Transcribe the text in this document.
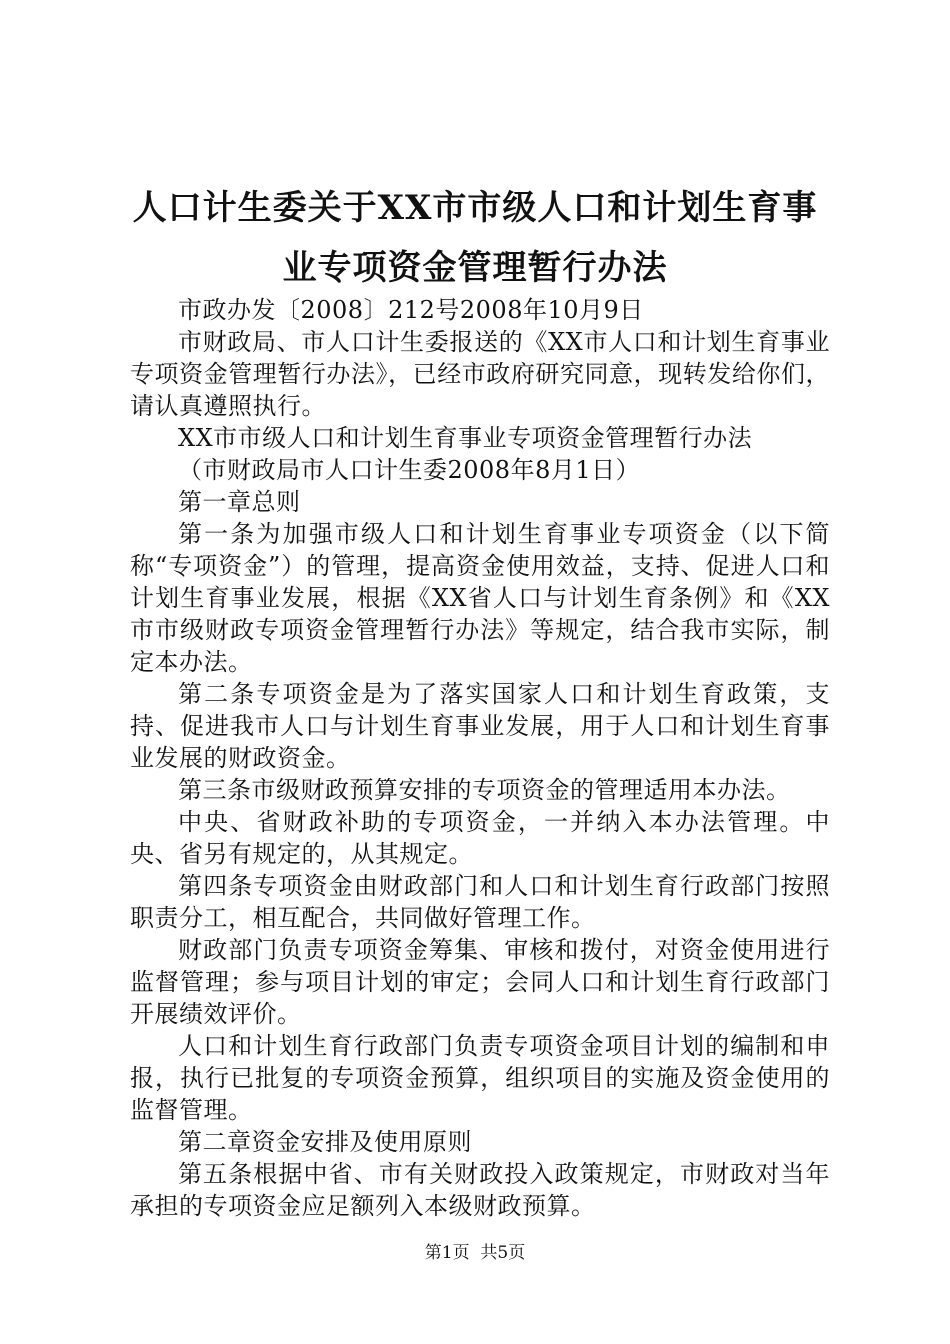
人口计生委关于XX市市级人口和计划生育事
业专项资金管理暂行办法

市政办发〔2008〕212号2008年10月9日

市财政局、市人口计生委报送的《XX市人口和计划生育事业专项资金管理暂行办法》，已经市政府研究同意，现转发给你们，请认真遵照执行。

XX市市级人口和计划生育事业专项资金管理暂行办法

（市财政局市人口计生委2008年8月1日）

第一章总则

第一条为加强市级人口和计划生育事业专项资金（以下简称“专项资金”）的管理，提高资金使用效益，支持、促进人口和计划生育事业发展，根据《XX省人口与计划生育条例》和《XX市市级财政专项资金管理暂行办法》等规定，结合我市实际，制定本办法。

第二条专项资金是为了落实国家人口和计划生育政策，支持、促进我市人口与计划生育事业发展，用于人口和计划生育事业发展的财政资金。

第三条市级财政预算安排的专项资金的管理适用本办法。

中央、省财政补助的专项资金，一并纳入本办法管理。中央、省另有规定的，从其规定。

第四条专项资金由财政部门和人口和计划生育行政部门按照职责分工，相互配合，共同做好管理工作。

财政部门负责专项资金筹集、审核和拨付，对资金使用进行监督管理；参与项目计划的审定；会同人口和计划生育行政部门开展绩效评价。

人口和计划生育行政部门负责专项资金项目计划的编制和申报，执行已批复的专项资金预算，组织项目的实施及资金使用的监督管理。

第二章资金安排及使用原则

第五条根据中省、市有关财政投入政策规定，市财政对当年承担的专项资金应足额列入本级财政预算。

第1页  共5页
